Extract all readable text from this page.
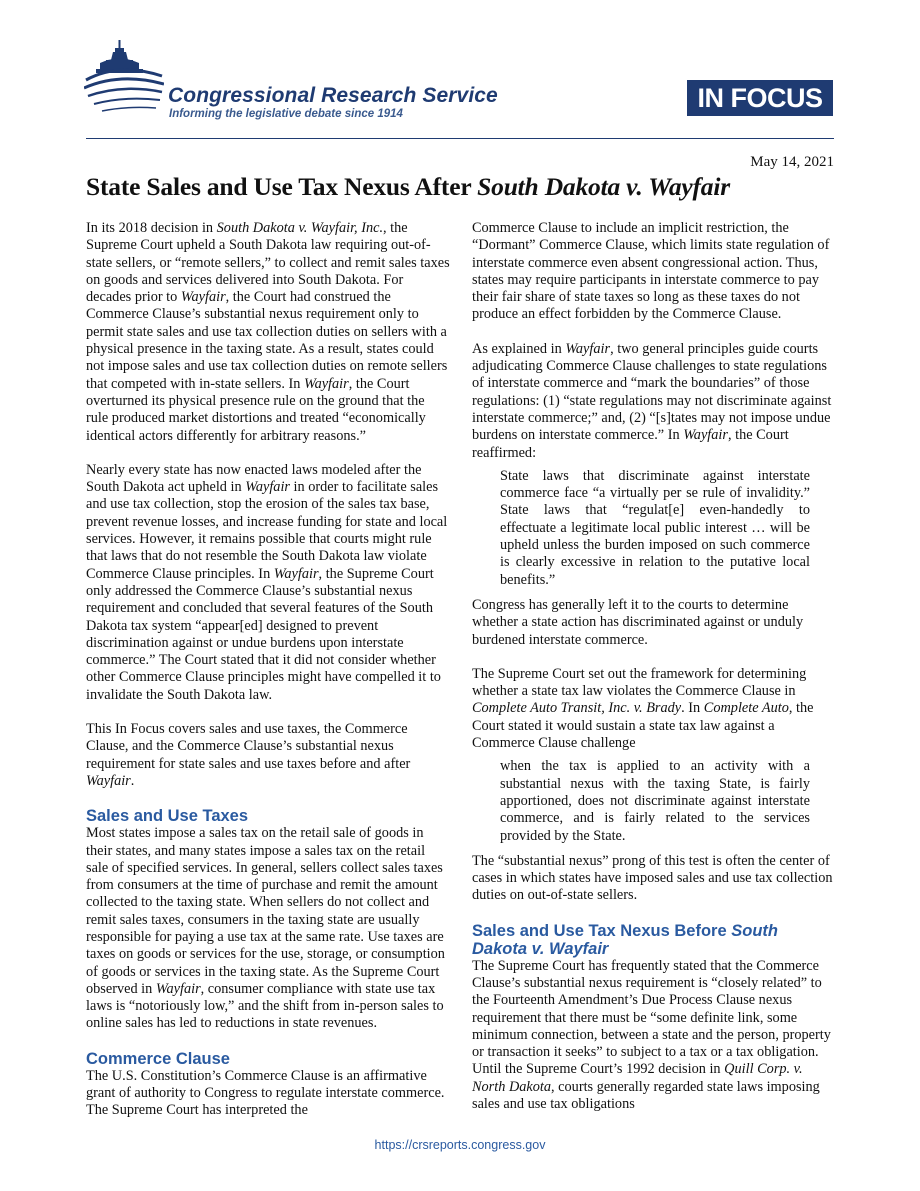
Congressional Research Service
Informing the legislative debate since 1914
IN FOCUS
May 14, 2021
State Sales and Use Tax Nexus After South Dakota v. Wayfair

In its 2018 decision in South Dakota v. Wayfair, Inc., the Supreme Court upheld a South Dakota law requiring out-of-state sellers, or “remote sellers,” to collect and remit sales taxes on goods and services delivered into South Dakota. For decades prior to Wayfair, the Court had construed the Commerce Clause’s substantial nexus requirement only to permit state sales and use tax collection duties on sellers with a physical presence in the taxing state. As a result, states could not impose sales and use tax collection duties on remote sellers that competed with in-state sellers. In Wayfair, the Court overturned its physical presence rule on the ground that the rule produced market distortions and treated “economically identical actors differently for arbitrary reasons.”

Nearly every state has now enacted laws modeled after the South Dakota act upheld in Wayfair in order to facilitate sales and use tax collection, stop the erosion of the sales tax base, prevent revenue losses, and increase funding for state and local services. However, it remains possible that courts might rule that laws that do not resemble the South Dakota law violate Commerce Clause principles. In Wayfair, the Supreme Court only addressed the Commerce Clause’s substantial nexus requirement and concluded that several features of the South Dakota tax system “appear[ed] designed to prevent discrimination against or undue burdens upon interstate commerce.” The Court stated that it did not consider whether other Commerce Clause principles might have compelled it to invalidate the South Dakota law.

This In Focus covers sales and use taxes, the Commerce Clause, and the Commerce Clause’s substantial nexus requirement for state sales and use taxes before and after Wayfair.

Sales and Use Taxes

Most states impose a sales tax on the retail sale of goods in their states, and many states impose a sales tax on the retail sale of specified services. In general, sellers collect sales taxes from consumers at the time of purchase and remit the amount collected to the taxing state. When sellers do not collect and remit sales taxes, consumers in the taxing state are usually responsible for paying a use tax at the same rate. Use taxes are taxes on goods or services for the use, storage, or consumption of goods or services in the taxing state. As the Supreme Court observed in Wayfair, consumer compliance with state use tax laws is “notoriously low,” and the shift from in-person sales to online sales has led to reductions in state revenues.

Commerce Clause

The U.S. Constitution’s Commerce Clause is an affirmative grant of authority to Congress to regulate interstate commerce. The Supreme Court has interpreted the

Commerce Clause to include an implicit restriction, the “Dormant” Commerce Clause, which limits state regulation of interstate commerce even absent congressional action. Thus, states may require participants in interstate commerce to pay their fair share of state taxes so long as these taxes do not produce an effect forbidden by the Commerce Clause.

As explained in Wayfair, two general principles guide courts adjudicating Commerce Clause challenges to state regulations of interstate commerce and “mark the boundaries” of those regulations: (1) “state regulations may not discriminate against interstate commerce;” and, (2) “[s]tates may not impose undue burdens on interstate commerce.” In Wayfair, the Court reaffirmed:

State laws that discriminate against interstate commerce face “a virtually per se rule of invalidity.” State laws that “regulat[e] even-handedly to effectuate a legitimate local public interest … will be upheld unless the burden imposed on such commerce is clearly excessive in relation to the putative local benefits.”

Congress has generally left it to the courts to determine whether a state action has discriminated against or unduly burdened interstate commerce.

The Supreme Court set out the framework for determining whether a state tax law violates the Commerce Clause in Complete Auto Transit, Inc. v. Brady. In Complete Auto, the Court stated it would sustain a state tax law against a Commerce Clause challenge

when the tax is applied to an activity with a substantial nexus with the taxing State, is fairly apportioned, does not discriminate against interstate commerce, and is fairly related to the services provided by the State.

The “substantial nexus” prong of this test is often the center of cases in which states have imposed sales and use tax collection duties on out-of-state sellers.

Sales and Use Tax Nexus Before South Dakota v. Wayfair

The Supreme Court has frequently stated that the Commerce Clause’s substantial nexus requirement is “closely related” to the Fourteenth Amendment’s Due Process Clause nexus requirement that there must be “some definite link, some minimum connection, between a state and the person, property or transaction it seeks” to subject to a tax or a tax obligation. Until the Supreme Court’s 1992 decision in Quill Corp. v. North Dakota, courts generally regarded state laws imposing sales and use tax obligations

https://crsreports.congress.gov
